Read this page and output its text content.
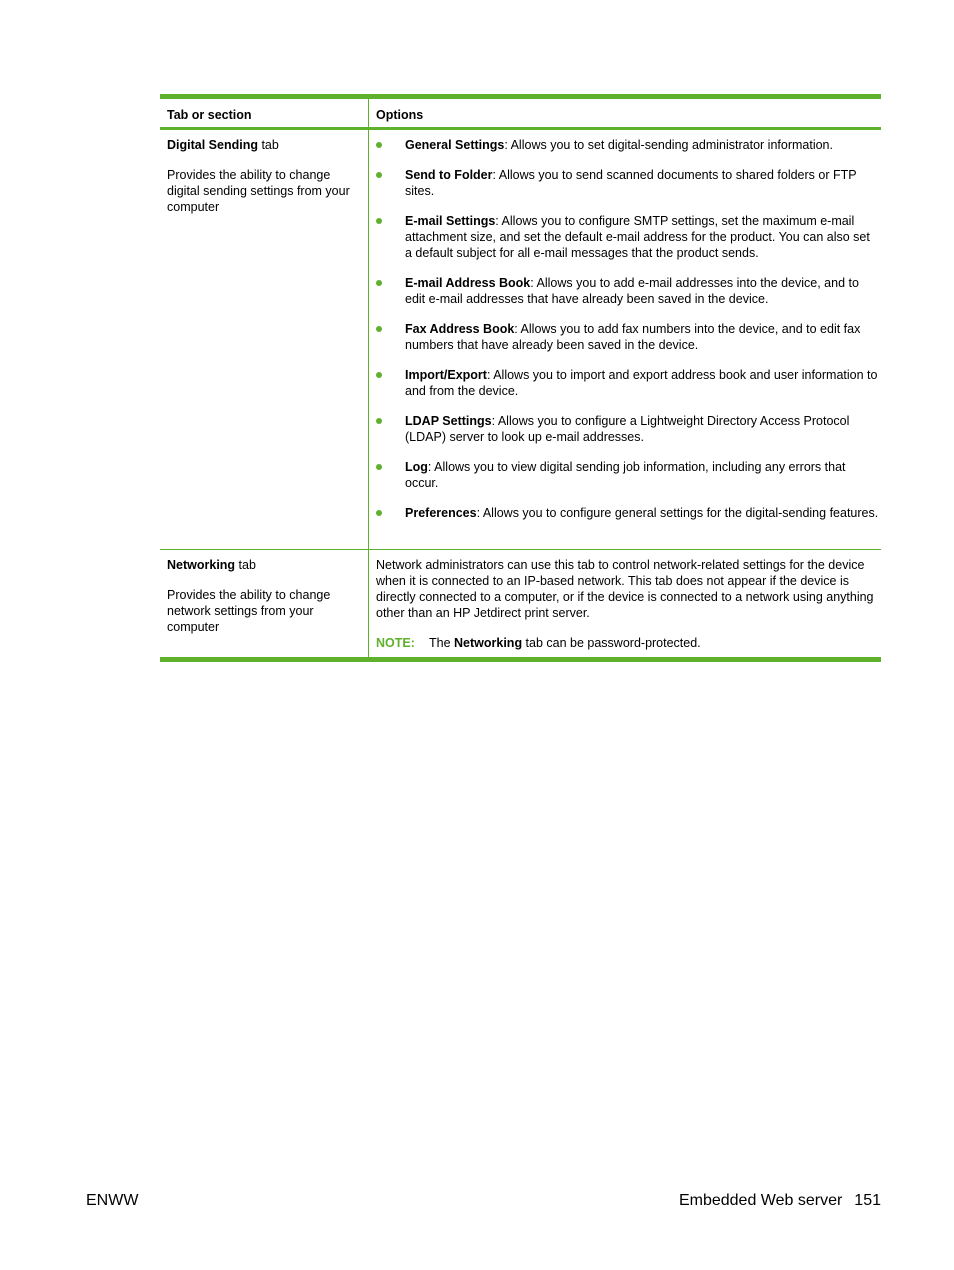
Tab or section	Options

Digital Sending tab

Provides the ability to change digital sending settings from your computer

General Settings: Allows you to set digital-sending administrator information.
Send to Folder: Allows you to send scanned documents to shared folders or FTP sites.
E-mail Settings: Allows you to configure SMTP settings, set the maximum e-mail attachment size, and set the default e-mail address for the product. You can also set a default subject for all e-mail messages that the product sends.
E-mail Address Book: Allows you to add e-mail addresses into the device, and to edit e-mail addresses that have already been saved in the device.
Fax Address Book: Allows you to add fax numbers into the device, and to edit fax numbers that have already been saved in the device.
Import/Export: Allows you to import and export address book and user information to and from the device.
LDAP Settings: Allows you to configure a Lightweight Directory Access Protocol (LDAP) server to look up e-mail addresses.
Log: Allows you to view digital sending job information, including any errors that occur.
Preferences: Allows you to configure general settings for the digital-sending features.

Networking tab

Provides the ability to change network settings from your computer

Network administrators can use this tab to control network-related settings for the device when it is connected to an IP-based network. This tab does not appear if the device is directly connected to a computer, or if the device is connected to a network using anything other than an HP Jetdirect print server.

NOTE: The Networking tab can be password-protected.

ENWW	Embedded Web server 151
